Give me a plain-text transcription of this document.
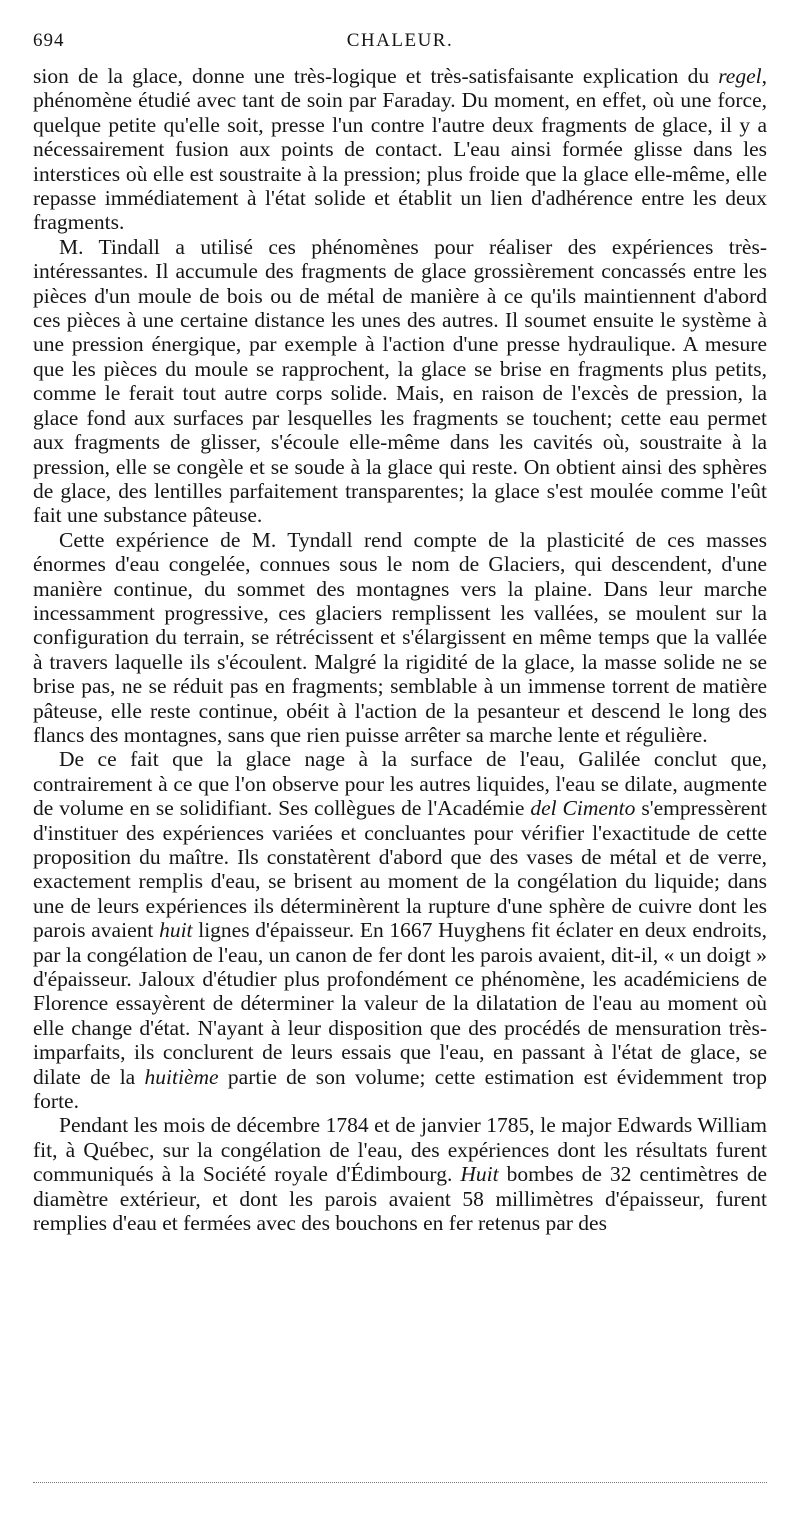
694	CHALEUR.

sion de la glace, donne une très-logique et très-satisfaisante explication du regel, phénomène étudié avec tant de soin par Faraday. Du moment, en effet, où une force, quelque petite qu'elle soit, presse l'un contre l'autre deux fragments de glace, il y a nécessairement fusion aux points de contact. L'eau ainsi formée glisse dans les interstices où elle est soustraite à la pression; plus froide que la glace elle-même, elle repasse immédiatement à l'état solide et établit un lien d'adhérence entre les deux fragments.

M. Tindall a utilisé ces phénomènes pour réaliser des expériences très-intéressantes. Il accumule des fragments de glace grossièrement concassés entre les pièces d'un moule de bois ou de métal de manière à ce qu'ils maintiennent d'abord ces pièces à une certaine distance les unes des autres. Il soumet ensuite le système à une pression énergique, par exemple à l'action d'une presse hydraulique. A mesure que les pièces du moule se rapprochent, la glace se brise en fragments plus petits, comme le ferait tout autre corps solide. Mais, en raison de l'excès de pression, la glace fond aux surfaces par lesquelles les fragments se touchent; cette eau permet aux fragments de glisser, s'écoule elle-même dans les cavités où, soustraite à la pression, elle se congèle et se soude à la glace qui reste. On obtient ainsi des sphères de glace, des lentilles parfaitement transparentes; la glace s'est moulée comme l'eût fait une substance pâteuse.

Cette expérience de M. Tyndall rend compte de la plasticité de ces masses énormes d'eau congelée, connues sous le nom de Glaciers, qui descendent, d'une manière continue, du sommet des montagnes vers la plaine. Dans leur marche incessamment progressive, ces glaciers remplissent les vallées, se moulent sur la configuration du terrain, se rétrécissent et s'élargissent en même temps que la vallée à travers laquelle ils s'écoulent. Malgré la rigidité de la glace, la masse solide ne se brise pas, ne se réduit pas en fragments; semblable à un immense torrent de matière pâteuse, elle reste continue, obéit à l'action de la pesanteur et descend le long des flancs des montagnes, sans que rien puisse arrêter sa marche lente et régulière.

De ce fait que la glace nage à la surface de l'eau, Galilée conclut que, contrairement à ce que l'on observe pour les autres liquides, l'eau se dilate, augmente de volume en se solidifiant. Ses collègues de l'Académie del Cimento s'empressèrent d'instituer des expériences variées et concluantes pour vérifier l'exactitude de cette proposition du maître. Ils constatèrent d'abord que des vases de métal et de verre, exactement remplis d'eau, se brisent au moment de la congélation du liquide; dans une de leurs expériences ils déterminèrent la rupture d'une sphère de cuivre dont les parois avaient huit lignes d'épaisseur. En 1667 Huyghens fit éclater en deux endroits, par la congélation de l'eau, un canon de fer dont les parois avaient, dit-il, « un doigt » d'épaisseur. Jaloux d'étudier plus profondément ce phénomène, les académiciens de Florence essayèrent de déterminer la valeur de la dilatation de l'eau au moment où elle change d'état. N'ayant à leur disposition que des procédés de mensuration très-imparfaits, ils conclurent de leurs essais que l'eau, en passant à l'état de glace, se dilate de la huitième partie de son volume; cette estimation est évidemment trop forte.

Pendant les mois de décembre 1784 et de janvier 1785, le major Edwards William fit, à Québec, sur la congélation de l'eau, des expériences dont les résultats furent communiqués à la Société royale d'Édimbourg. Huit bombes de 32 centimètres de diamètre extérieur, et dont les parois avaient 58 millimètres d'épaisseur, furent remplies d'eau et fermées avec des bouchons en fer retenus par des
